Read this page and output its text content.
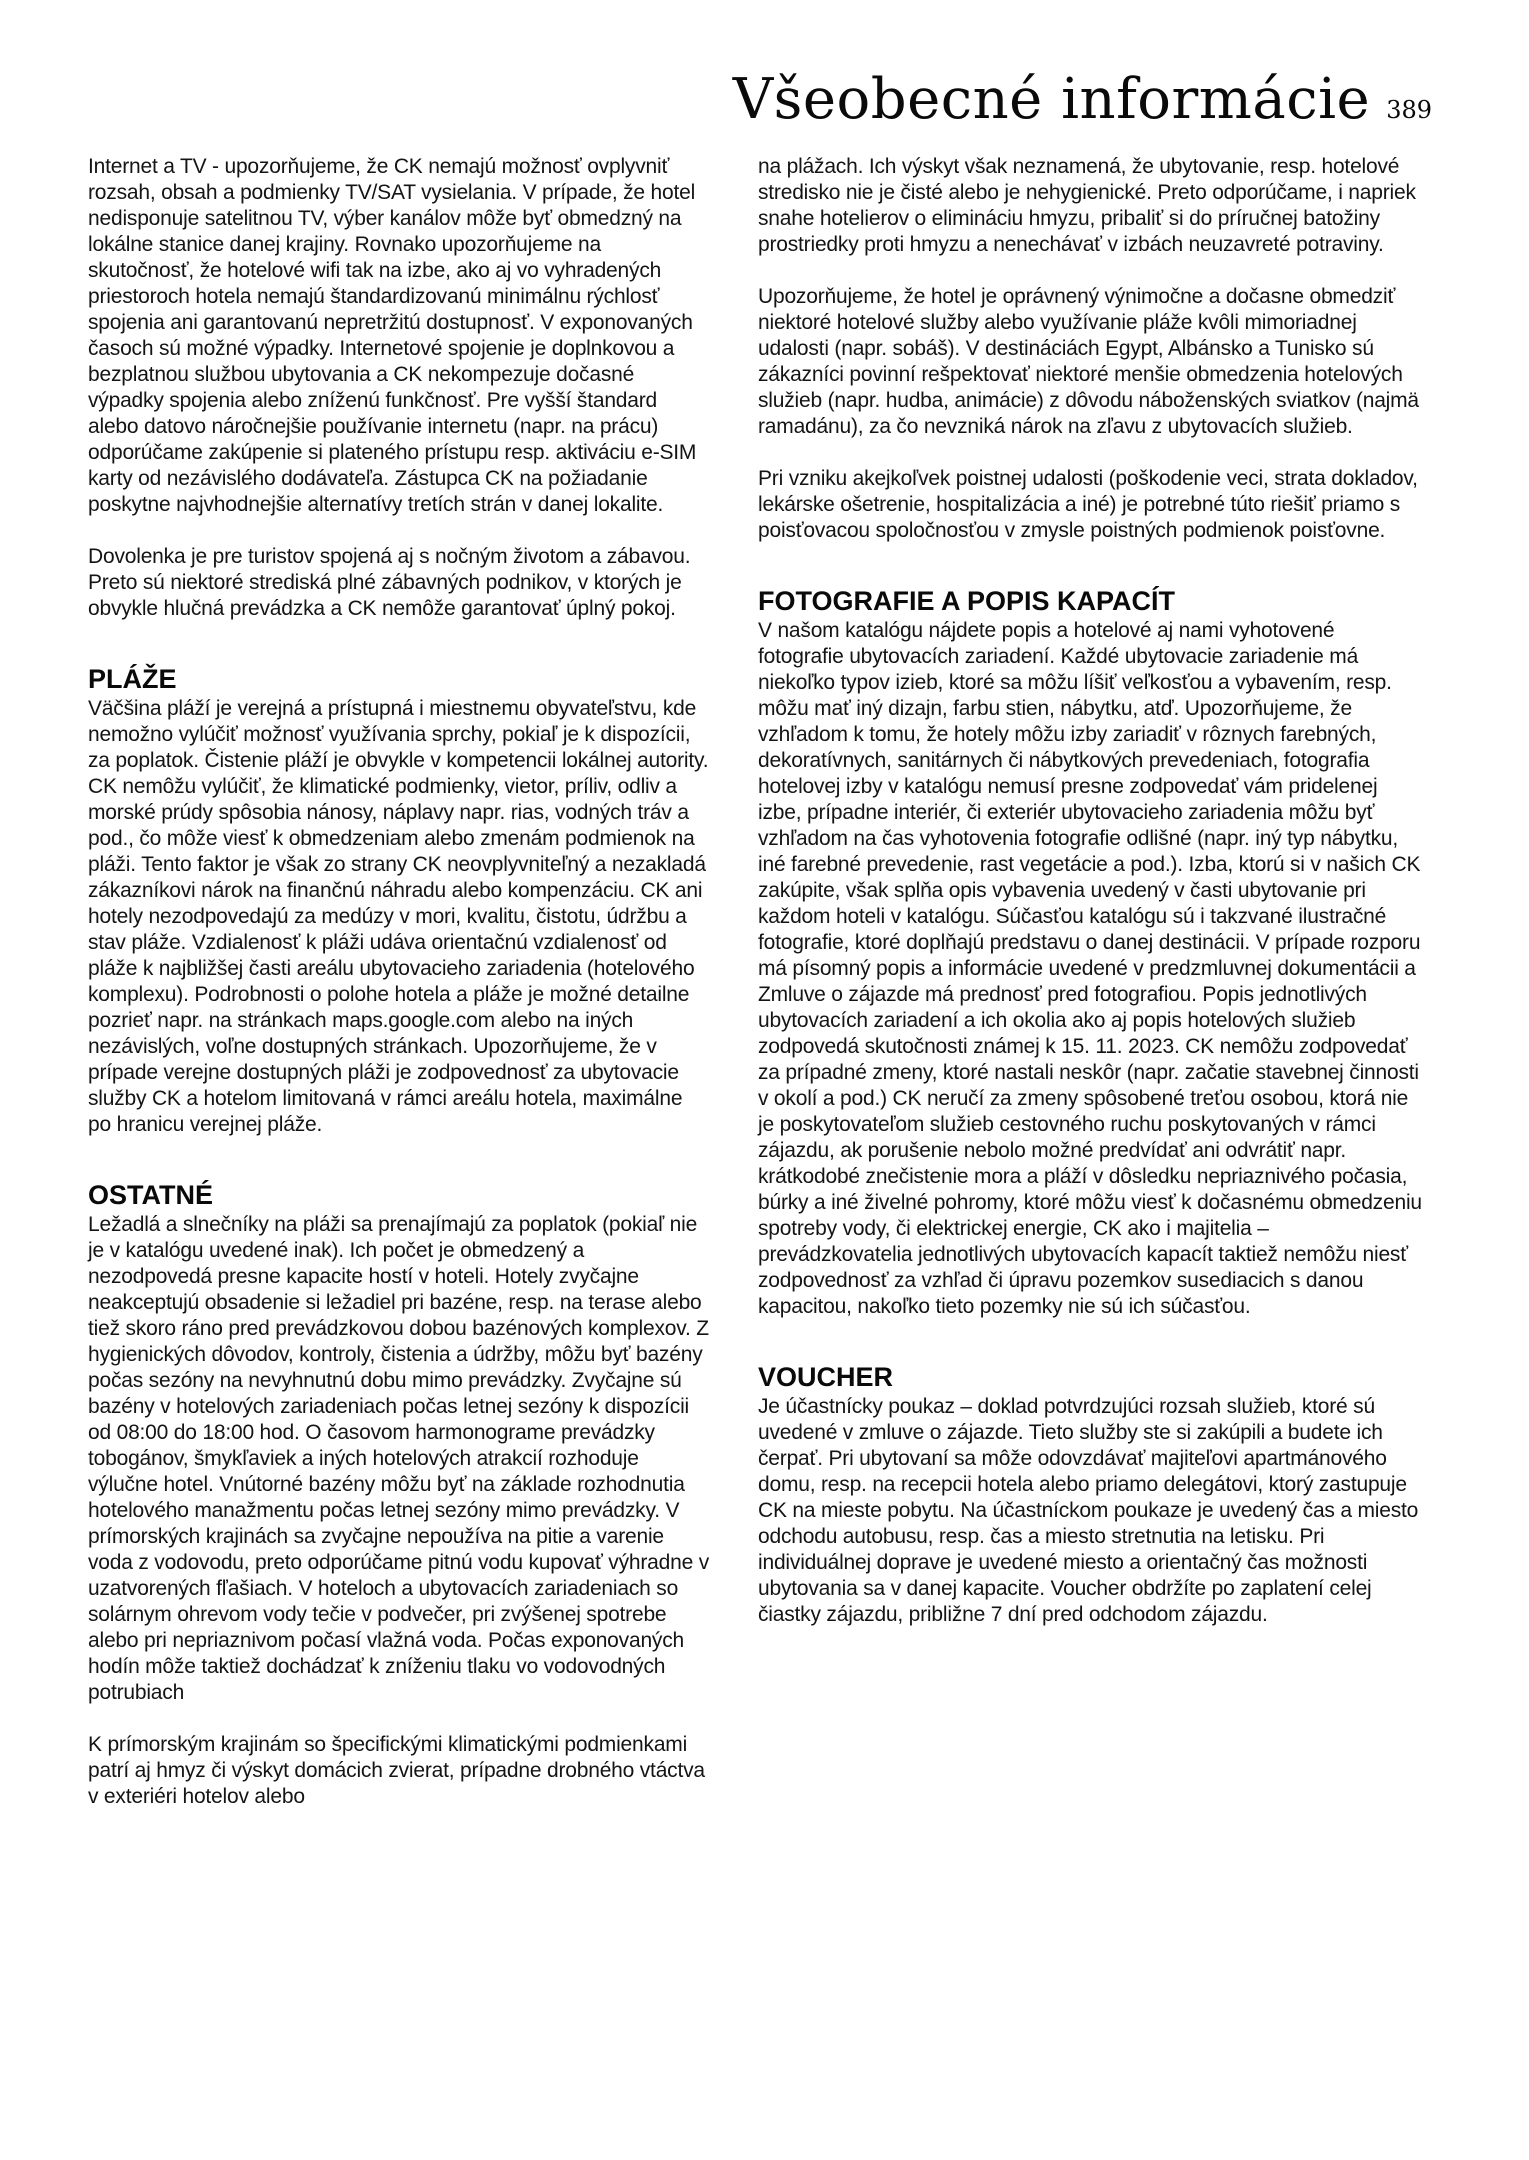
Všeobecné informácie 389

Internet a TV - upozorňujeme, že CK nemajú možnosť ovplyvniť rozsah, obsah a podmienky TV/SAT vysielania. V prípade, že hotel nedisponuje satelitnou TV, výber kanálov môže byť obmedzný na lokálne stanice danej krajiny. Rovnako upozorňujeme na skutočnosť, že hotelové wifi tak na izbe, ako aj vo vyhradených priestoroch hotela nemajú štandardizovanú minimálnu rýchlosť spojenia ani garantovanú nepretržitú dostupnosť. V exponovaných časoch sú možné výpadky. Internetové spojenie je doplnkovou a bezplatnou službou ubytovania a CK nekompezuje dočasné výpadky spojenia alebo zníženú funkčnosť. Pre vyšší štandard alebo datovo náročnejšie používanie internetu (napr. na prácu) odporúčame zakúpenie si plateného prístupu resp. aktiváciu e-SIM karty od nezávislého dodávateľa. Zástupca CK na požiadanie poskytne najvhodnejšie alternatívy tretích strán v danej lokalite.

Dovolenka je pre turistov spojená aj s nočným životom a zábavou. Preto sú niektoré strediská plné zábavných podnikov, v ktorých je obvykle hlučná prevádzka a CK nemôže garantovať úplný pokoj.

PLÁŽE

Väčšina pláží je verejná a prístupná i miestnemu obyvateľstvu, kde nemožno vylúčiť možnosť využívania sprchy, pokiaľ je k dispozícii, za poplatok. Čistenie pláží je obvykle v kompetencii lokálnej autority.

CK nemôžu vylúčiť, že klimatické podmienky, vietor, príliv, odliv a morské prúdy spôsobia nánosy, náplavy napr. rias, vodných tráv a pod., čo môže viesť k obmedzeniam alebo zmenám podmienok na pláži. Tento faktor je však zo strany CK neovplyvniteľný a nezakladá zákazníkovi nárok na finančnú náhradu alebo kompenzáciu. CK ani hotely nezodpovedajú za medúzy v mori, kvalitu, čistotu, údržbu a stav pláže. Vzdialenosť k pláži udáva orientačnú vzdialenosť od pláže k najbližšej časti areálu ubytovacieho zariadenia (hotelového komplexu). Podrobnosti o polohe hotela a pláže je možné detailne pozrieť napr. na stránkach maps.google.com alebo na iných nezávislých, voľne dostupných stránkach. Upozorňujeme, že v prípade verejne dostupných pláži je zodpovednosť za ubytovacie služby CK a hotelom limitovaná v rámci areálu hotela, maximálne po hranicu verejnej pláže.

OSTATNÉ

Ležadlá a slnečníky na pláži sa prenajímajú za poplatok (pokiaľ nie je v katalógu uvedené inak). Ich počet je obmedzený a nezodpovedá presne kapacite hostí v hoteli. Hotely zvyčajne neakceptujú obsadenie si ležadiel pri bazéne, resp. na terase alebo tiež skoro ráno pred prevádzkovou dobou bazénových komplexov. Z hygienických dôvodov, kontroly, čistenia a údržby, môžu byť bazény počas sezóny na nevyhnutnú dobu mimo prevádzky. Zvyčajne sú bazény v hotelových zariadeniach počas letnej sezóny k dispozícii od 08:00 do 18:00 hod. O časovom harmonograme prevádzky tobogánov, šmykľaviek a iných hotelových atrakcií rozhoduje výlučne hotel. Vnútorné bazény môžu byť na základe rozhodnutia hotelového manažmentu počas letnej sezóny mimo prevádzky. V prímorských krajinách sa zvyčajne nepoužíva na pitie a varenie voda z vodovodu, preto odporúčame pitnú vodu kupovať výhradne v uzatvorených fľašiach. V hoteloch a ubytovacích zariadeniach so solárnym ohrevom vody tečie v podvečer, pri zvýšenej spotrebe alebo pri nepriaznivom počasí vlažná voda. Počas exponovaných hodín môže taktiež dochádzať k zníženiu tlaku vo vodovodných potrubiach

K prímorským krajinám so špecifickými klimatickými podmienkami patrí aj hmyz či výskyt domácich zvierat, prípadne drobného vtáctva v exteriéri hotelov alebo

na plážach. Ich výskyt však neznamená, že ubytovanie, resp. hotelové stredisko nie je čisté alebo je nehygienické. Preto odporúčame, i napriek snahe hotelierov o elimináciu hmyzu, pribaliť si do príručnej batožiny prostriedky proti hmyzu a nenechávať v izbách neuzavreté potraviny.

Upozorňujeme, že hotel je oprávnený výnimočne a dočasne obmedziť niektoré hotelové služby alebo využívanie pláže kvôli mimoriadnej udalosti (napr. sobáš). V destináciách Egypt, Albánsko a Tunisko sú zákazníci povinní rešpektovať niektoré menšie obmedzenia hotelových služieb (napr. hudba, animácie) z dôvodu náboženských sviatkov (najmä ramadánu), za čo nevzniká nárok na zľavu z ubytovacích služieb.

Pri vzniku akejkoľvek poistnej udalosti (poškodenie veci, strata dokladov, lekárske ošetrenie, hospitalizácia a iné) je potrebné túto riešiť priamo s poisťovacou spoločnosťou v zmysle poistných podmienok poisťovne.

FOTOGRAFIE A POPIS KAPACÍT

V našom katalógu nájdete popis a hotelové aj nami vyhotovené fotografie ubytovacích zariadení. Každé ubytovacie zariadenie má niekoľko typov izieb, ktoré sa môžu líšiť veľkosťou a vybavením, resp. môžu mať iný dizajn, farbu stien, nábytku, atď. Upozorňujeme, že vzhľadom k tomu, že hotely môžu izby zariadiť v rôznych farebných, dekoratívnych, sanitárnych či nábytkových prevedeniach, fotografia hotelovej izby v katalógu nemusí presne zodpovedať vám pridelenej izbe, prípadne interiér, či exteriér ubytovacieho zariadenia môžu byť vzhľadom na čas vyhotovenia fotografie odlišné (napr. iný typ nábytku, iné farebné prevedenie, rast vegetácie a pod.). Izba, ktorú si v našich CK zakúpite, však splňa opis vybavenia uvedený v časti ubytovanie pri každom hoteli v katalógu. Súčasťou katalógu sú i takzvané ilustračné fotografie, ktoré doplňajú predstavu o danej destinácii. V prípade rozporu má písomný popis a informácie uvedené v predzmluvnej dokumentácii a Zmluve o zájazde má prednosť pred fotografiou. Popis jednotlivých ubytovacích zariadení a ich okolia ako aj popis hotelových služieb zodpovedá skutočnosti známej k 15. 11. 2023. CK nemôžu zodpovedať za prípadné zmeny, ktoré nastali neskôr (napr. začatie stavebnej činnosti v okolí a pod.) CK neručí za zmeny spôsobené treťou osobou, ktorá nie je poskytovateľom služieb cestovného ruchu poskytovaných v rámci zájazdu, ak porušenie nebolo možné predvídať ani odvrátiť napr. krátkodobé znečistenie mora a pláží v dôsledku nepriaznivého počasia, búrky a iné živelné pohromy, ktoré môžu viesť k dočasnému obmedzeniu spotreby vody, či elektrickej energie, CK ako i majitelia – prevádzkovatelia jednotlivých ubytovacích kapacít taktiež nemôžu niesť zodpovednosť za vzhľad či úpravu pozemkov susediacich s danou kapacitou, nakoľko tieto pozemky nie sú ich súčasťou.

VOUCHER

Je účastnícky poukaz – doklad potvrdzujúci rozsah služieb, ktoré sú uvedené v zmluve o zájazde. Tieto služby ste si zakúpili a budete ich čerpať. Pri ubytovaní sa môže odovzdávať majiteľovi apartmánového domu, resp. na recepcii hotela alebo priamo delegátovi, ktorý zastupuje CK na mieste pobytu. Na účastníckom poukaze je uvedený čas a miesto odchodu autobusu, resp. čas a miesto stretnutia na letisku. Pri individuálnej doprave je uvedené miesto a orientačný čas možnosti ubytovania sa v danej kapacite. Voucher obdržíte po zaplatení celej čiastky zájazdu, približne 7 dní pred odchodom zájazdu.
